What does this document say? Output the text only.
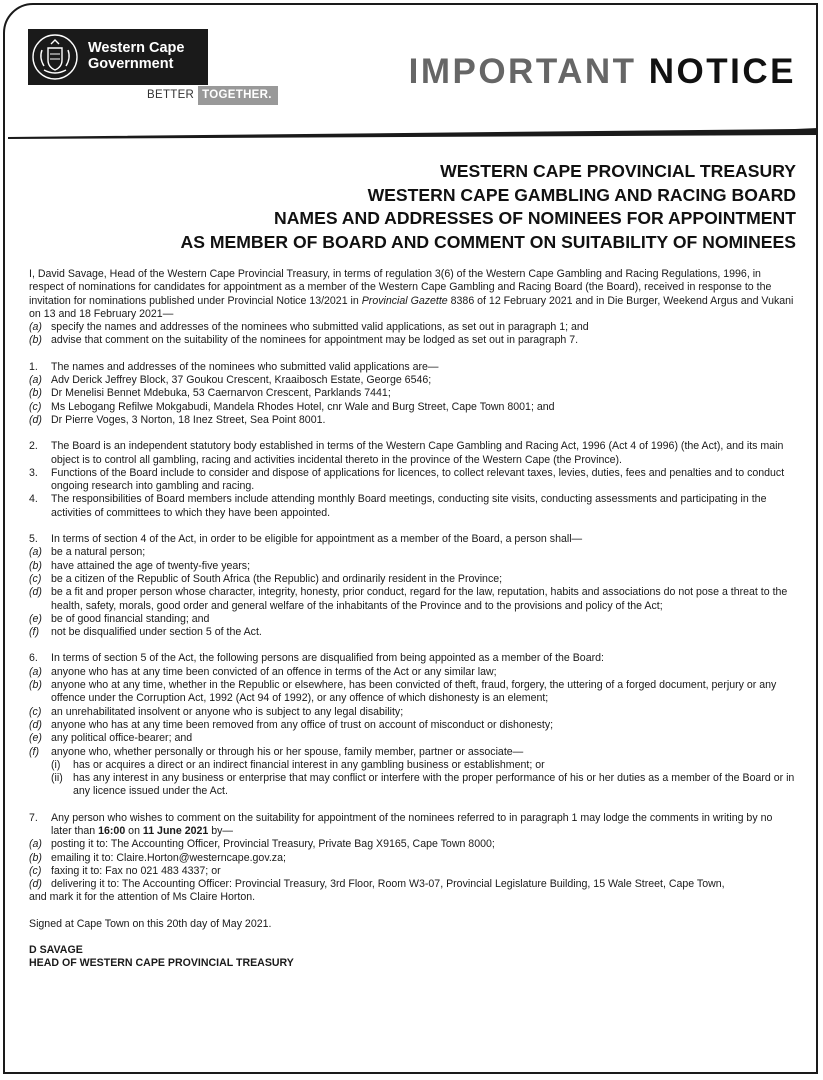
Western Cape
Government
BETTER TOGETHER.
IMPORTANT NOTICE
WESTERN CAPE PROVINCIAL TREASURY
WESTERN CAPE GAMBLING AND RACING BOARD
NAMES AND ADDRESSES OF NOMINEES FOR APPOINTMENT
AS MEMBER OF BOARD AND COMMENT ON SUITABILITY OF NOMINEES

I, David Savage, Head of the Western Cape Provincial Treasury, in terms of regulation 3(6) of the Western Cape Gambling and Racing Regulations, 1996, in respect of nominations for candidates for appointment as a member of the Western Cape Gambling and Racing Board (the Board), received in response to the invitation for nominations published under Provincial Notice 13/2021 in Provincial Gazette 8386 of 12 February 2021 and in Die Burger, Weekend Argus and Vukani on 13 and 18 February 2021—

(a) specify the names and addresses of the nominees who submitted valid applications, as set out in paragraph 1; and
(b) advise that comment on the suitability of the nominees for appointment may be lodged as set out in paragraph 7.
1.	The names and addresses of the nominees who submitted valid applications are—
(a) Adv Derick Jeffrey Block, 37 Goukou Crescent, Kraaibosch Estate, George 6546;
(b) Dr Menelisi Bennet Mdebuka, 53 Caernarvon Crescent, Parklands 7441;
(c) Ms Lebogang Refilwe Mokgabudi, Mandela Rhodes Hotel, cnr Wale and Burg Street, Cape Town 8001; and
(d) Dr Pierre Voges, 3 Norton, 18 Inez Street, Sea Point 8001.
2.	The Board is an independent statutory body established in terms of the Western Cape Gambling and Racing Act, 1996 (Act 4 of 1996) (the Act), and its main object is to control all gambling, racing and activities incidental thereto in the province of the Western Cape (the Province).
3.	Functions of the Board include to consider and dispose of applications for licences, to collect relevant taxes, levies, duties, fees and penalties and to conduct ongoing research into gambling and racing.
4.	The responsibilities of Board members include attending monthly Board meetings, conducting site visits, conducting assessments and participating in the activities of committees to which they have been appointed.
5.	In terms of section 4 of the Act, in order to be eligible for appointment as a member of the Board, a person shall—
(a) be a natural person;
(b) have attained the age of twenty-five years;
(c) be a citizen of the Republic of South Africa (the Republic) and ordinarily resident in the Province;
(d) be a fit and proper person whose character, integrity, honesty, prior conduct, regard for the law, reputation, habits and associations do not pose a threat to the health, safety, morals, good order and general welfare of the inhabitants of the Province and to the provisions and policy of the Act;
(e) be of good financial standing; and
(f)	not be disqualified under section 5 of the Act.
6.	In terms of section 5 of the Act, the following persons are disqualified from being appointed as a member of the Board:
(a) anyone who has at any time been convicted of an offence in terms of the Act or any similar law;
(b) anyone who at any time, whether in the Republic or elsewhere, has been convicted of theft, fraud, forgery, the uttering of a forged document, perjury or any offence under the Corruption Act, 1992 (Act 94 of 1992), or any offence of which dishonesty is an element;
(c) an unrehabilitated insolvent or anyone who is subject to any legal disability;
(d) anyone who has at any time been removed from any office of trust on account of misconduct or dishonesty;
(e) any political office-bearer; and
(f)	anyone who, whether personally or through his or her spouse, family member, partner or associate—
(i)	has or acquires a direct or an indirect financial interest in any gambling business or establishment; or
(ii) has any interest in any business or enterprise that may conflict or interfere with the proper performance of his or her duties as a member of the Board or in any licence issued under the Act.
7.	Any person who wishes to comment on the suitability for appointment of the nominees referred to in paragraph 1 may lodge the comments in writing by no later than 16:00 on 11 June 2021 by—
(a) posting it to: The Accounting Officer, Provincial Treasury, Private Bag X9165, Cape Town 8000;
(b) emailing it to: Claire.Horton@westerncape.gov.za;
(c) faxing it to: Fax no 021 483 4337; or
(d) delivering it to: The Accounting Officer: Provincial Treasury, 3rd Floor, Room W3-07, Provincial Legislature Building, 15 Wale Street, Cape Town,

and mark it for the attention of Ms Claire Horton.

Signed at Cape Town on this 20th day of May 2021.

D SAVAGE

HEAD OF WESTERN CAPE PROVINCIAL TREASURY
